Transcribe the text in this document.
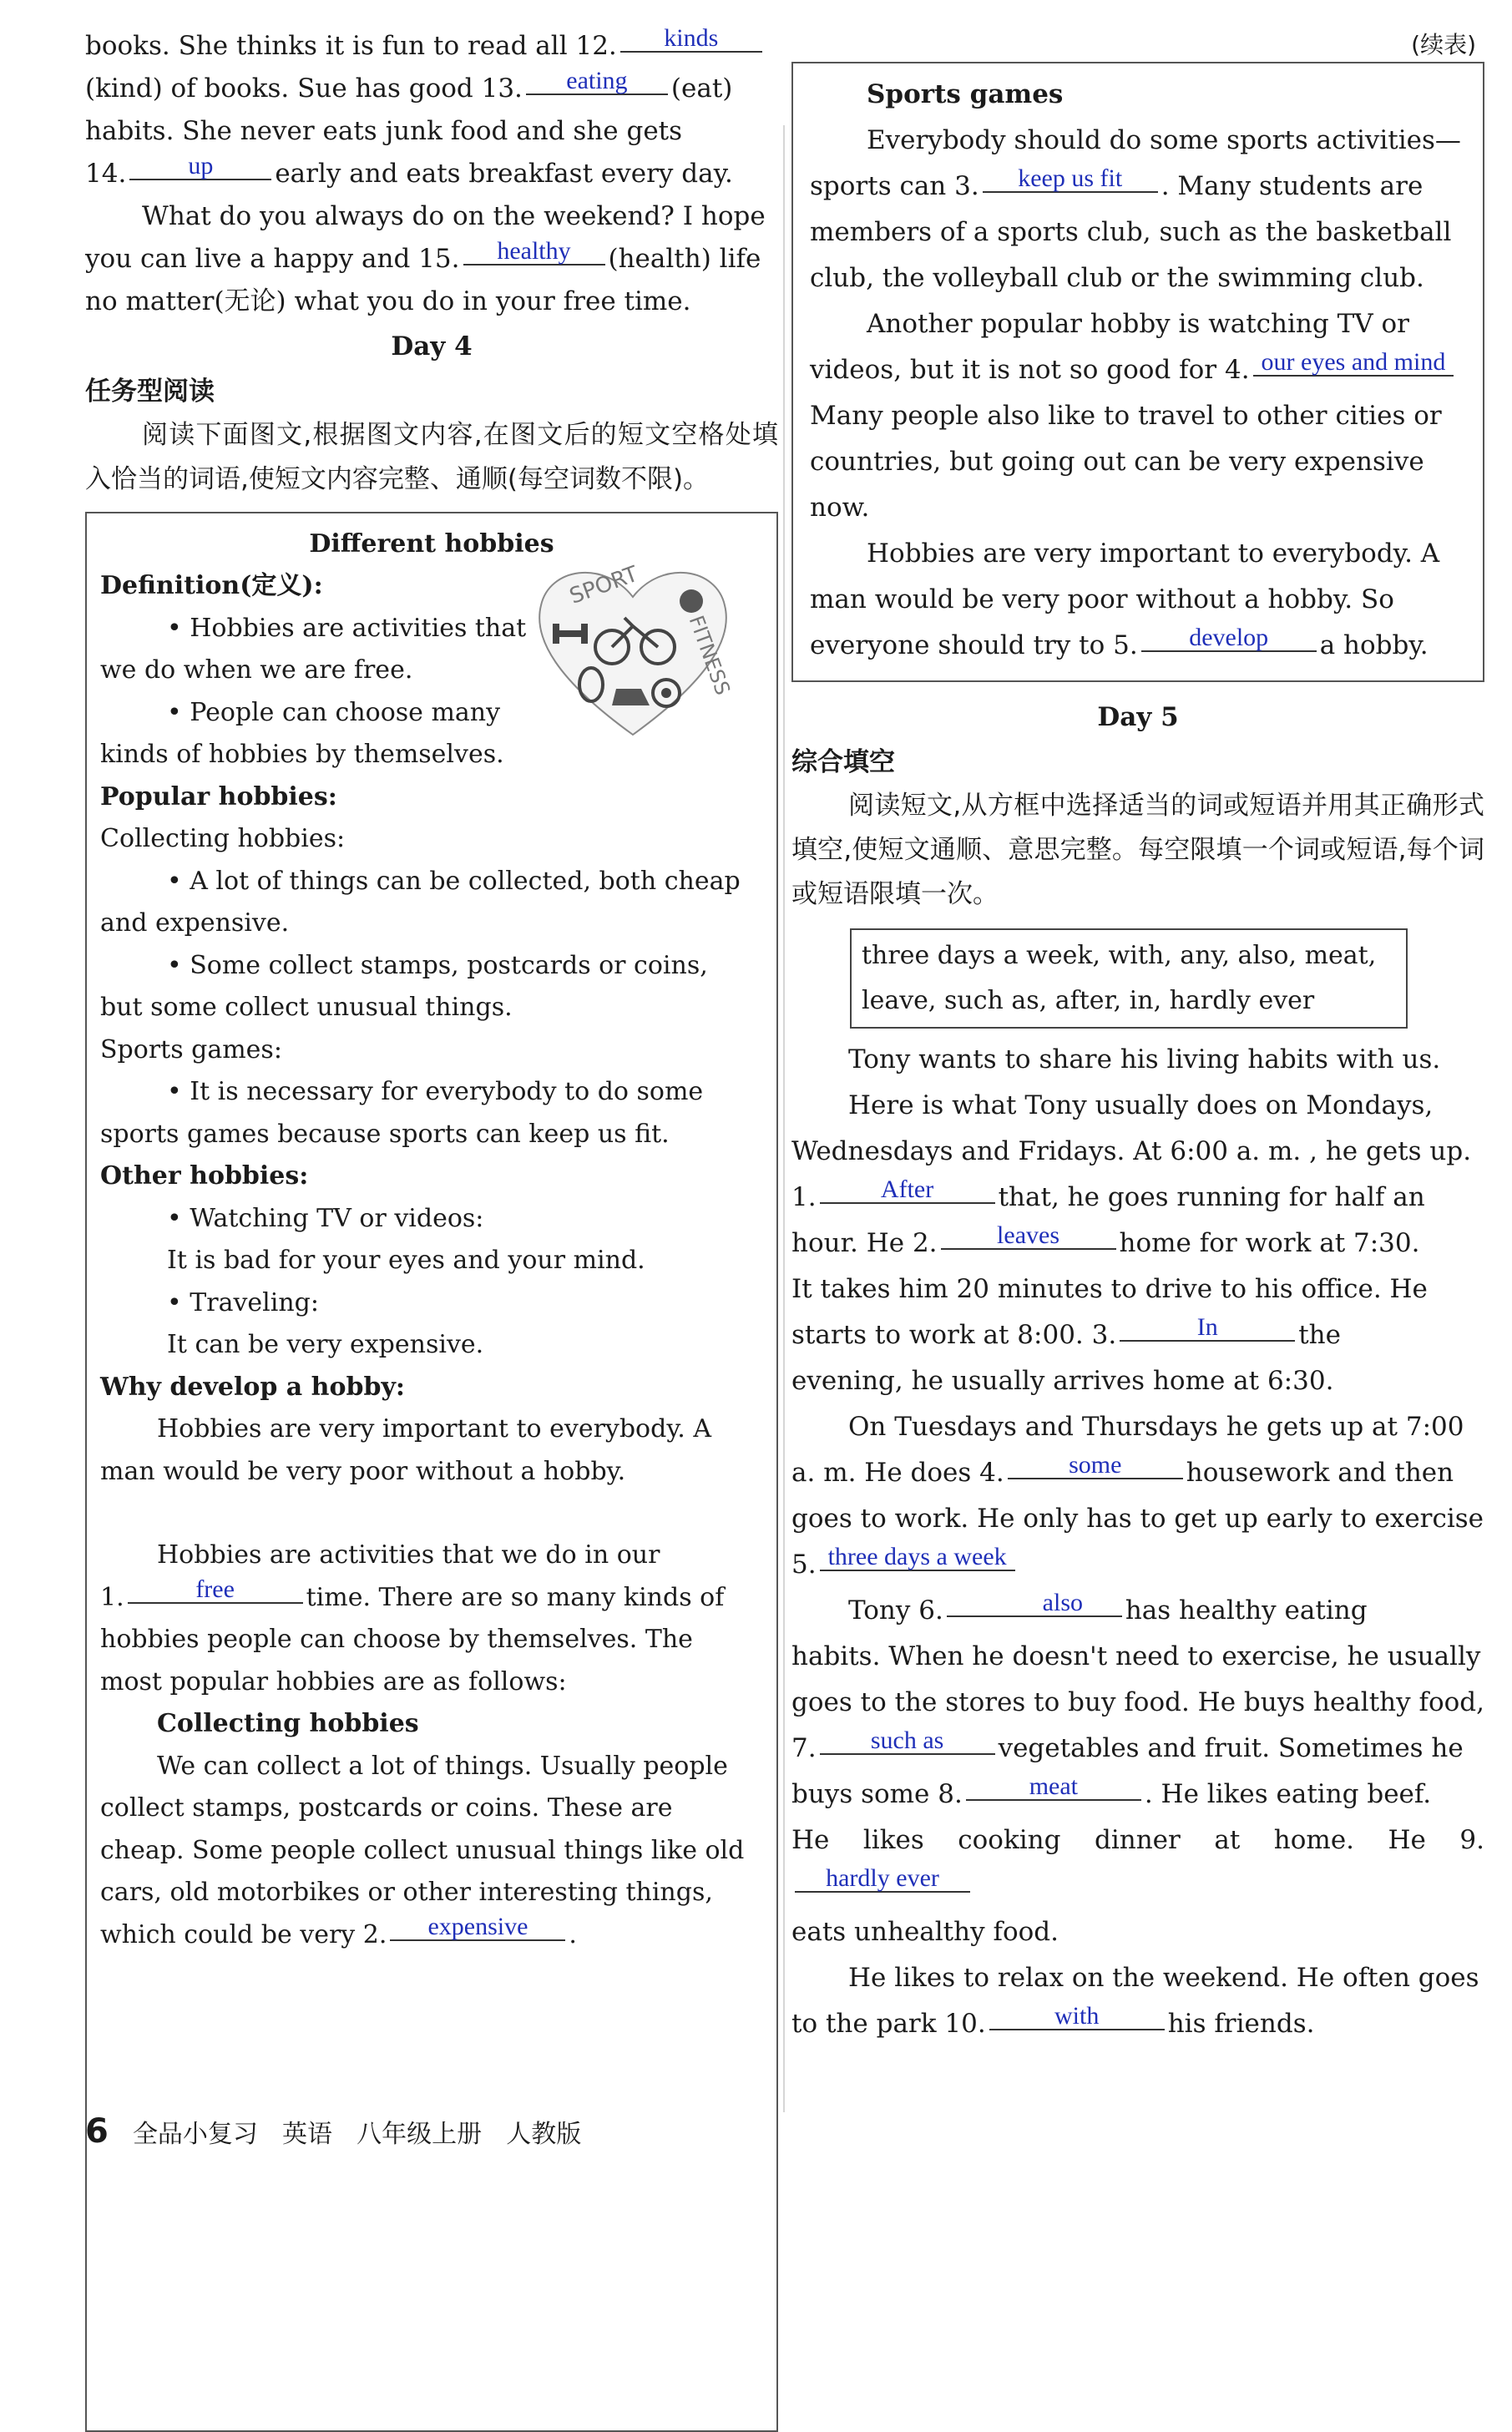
books. She thinks it is fun to read all 12. kinds

(kind) of books. Sue has good 13. eating (eat)

habits. She never eats junk food and she gets

14. up early and eats breakfast every day.

What do you always do on the weekend? I hope

you can live a happy and 15. healthy (health) life

no matter(无论) what you do in your free time.

Day 4
任务型阅读

阅读下面图文,根据图文内容,在图文后的短文空格处填入恰当的词语,使短文内容完整、通顺(每空词数不限)。

Different hobbies
SPORT
FITNESS

Definition(定义):

• Hobbies are activities that

we do when we are free.

• People can choose many

kinds of hobbies by themselves.

Popular hobbies:

Collecting hobbies:

• A lot of things can be collected, both cheap

and expensive.

• Some collect stamps, postcards or coins,

but some collect unusual things.

Sports games:

• It is necessary for everybody to do some

sports games because sports can keep us fit.

Other hobbies:

• Watching TV or videos:

It is bad for your eyes and your mind.

• Traveling:

It can be very expensive.

Why develop a hobby:

Hobbies are very important to everybody. A

man would be very poor without a hobby.

Hobbies are activities that we do in our

1.	free	time. There are so many kinds of

hobbies people can choose by themselves. The

most popular hobbies are as follows:

Collecting hobbies

We can collect a lot of things. Usually people

collect stamps, postcards or coins. These are

cheap. Some people collect unusual things like old

cars, old motorbikes or other interesting things,

which could be very 2. expensive .

(续表)

Sports games

Everybody should do some sports activities—

sports can 3. keep us fit . Many students are

members of a sports club, such as the basketball

club, the volleyball club or the swimming club.

Another popular hobby is watching TV or

videos, but it is not so good for 4. our eyes and mind

Many people also like to travel to other cities or

countries, but going out can be very expensive

now.

Hobbies are very important to everybody. A

man would be very poor without a hobby. So

everyone should try to 5. develop a hobby.

Day 5
综合填空

阅读短文,从方框中选择适当的词或短语并用其正确形式填空,使短文通顺、意思完整。每空限填一个词或短语,每个词或短语限填一次。

three days a week, with, any, also, meat,
leave, such as, after, in, hardly ever

Tony wants to share his living habits with us.

Here is what Tony usually does on Mondays,

Wednesdays and Fridays. At 6:00 a. m. , he gets up.

1.	After that, he goes running for half an

hour. He 2. leaves home for work at 7:30.

It takes him 20 minutes to drive to his office. He

starts to work at 8:00. 3.	In	the

evening, he usually arrives home at 6:30.

On Tuesdays and Thursdays he gets up at 7:00

a. m. He does 4.	some housework and then

goes to work. He only has to get up early to exercise

5. three days a week

Tony 6.	also has healthy eating

habits. When he doesn't need to exercise, he usually

goes to the stores to buy food. He buys healthy food,

7. such as vegetables and fruit. Sometimes he

buys some 8.	meat	. He likes eating beef.

He likes cooking dinner at home. He 9.hardly ever

eats unhealthy food.

He likes to relax on the weekend. He often goes

to the park 10.	with	his friends.

6 全品小复习 英语 八年级上册 人教版
